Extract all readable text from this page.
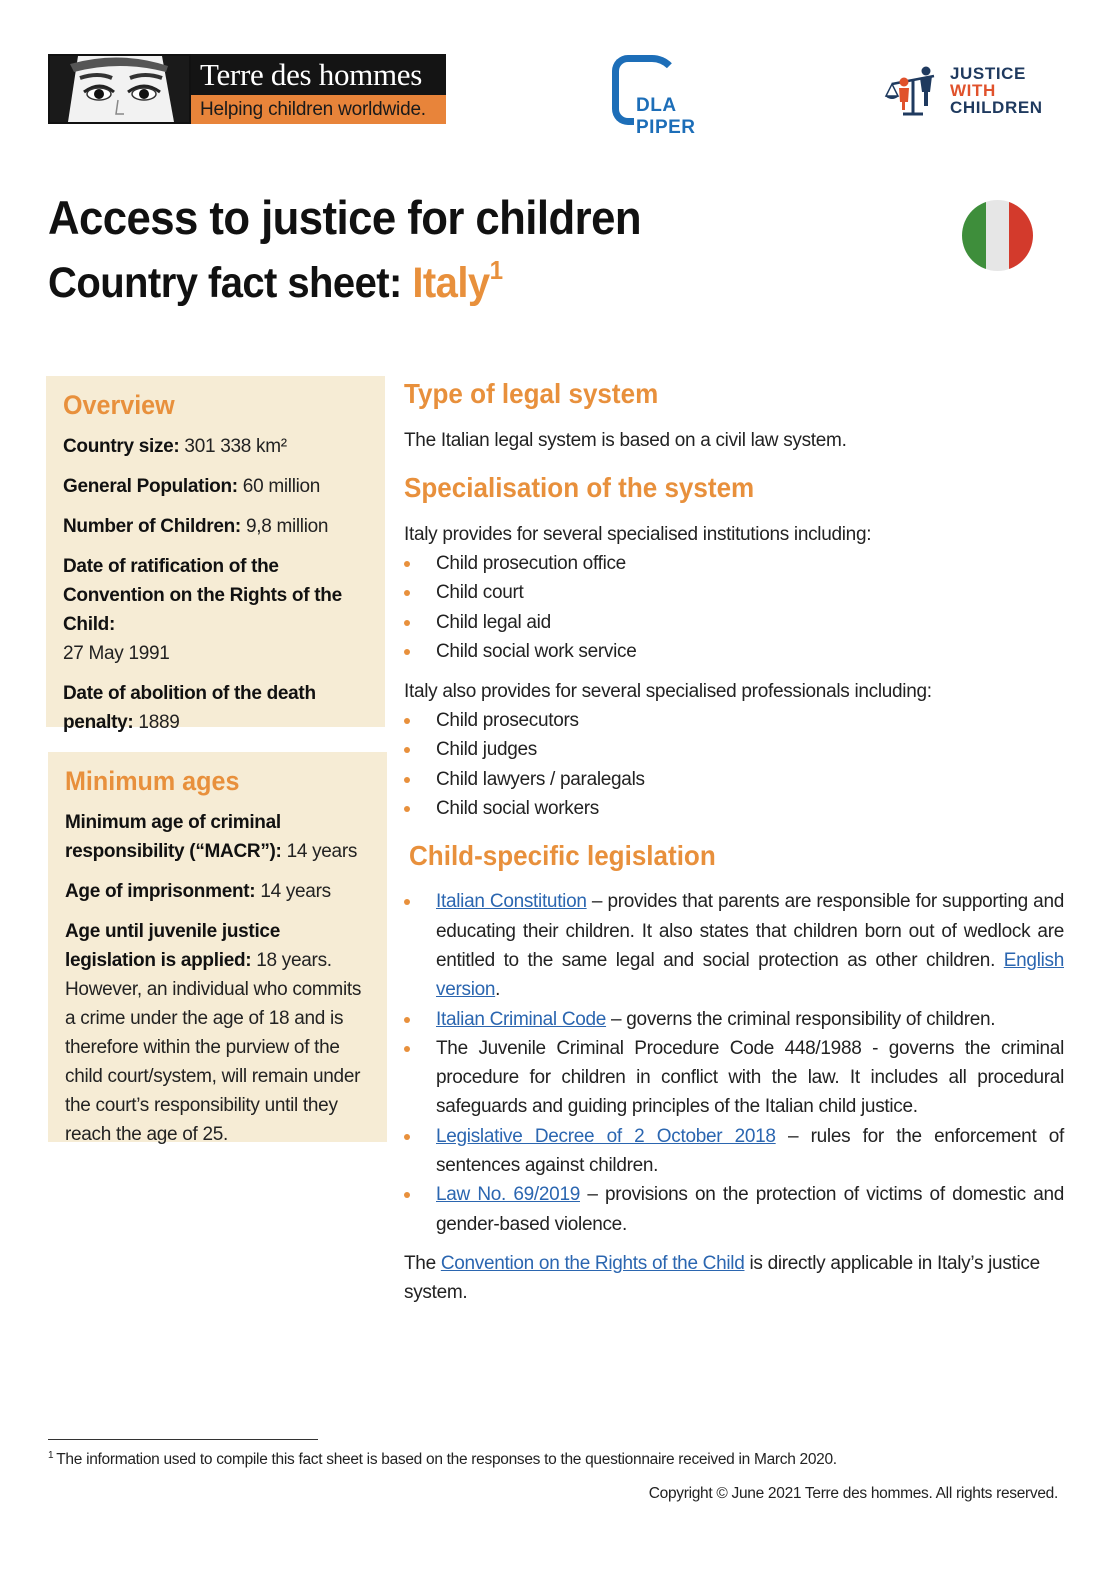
Terre des hommes
Helping children worldwide.	DLA PIPER
JUSTICE
WITH
CHILDREN
Access to justice for children
Country fact sheet: Italy$^1$
Overview
Country size: 301 338 km²
General Population: 60 million
Number of Children: 9,8 million
Date of ratification of the Convention on the Rights of the Child:
27 May 1991
Date of abolition of the death penalty: 1889
Minimum ages
Minimum age of criminal responsibility (“MACR”): 14 years
Age of imprisonment: 14 years
Age until juvenile justice legislation is applied: 18 years. However, an individual who commits a crime under the age of 18 and is therefore within the purview of the child court/system, will remain under the court’s responsibility until they reach the age of 25.
Type of legal system

The Italian legal system is based on a civil law system.

Specialisation of the system

Italy provides for several specialised institutions including:

Child prosecution office
Child court
Child legal aid
Child social work service

Italy also provides for several specialised professionals including:

Child prosecutors
Child judges
Child lawyers / paralegals
Child social workers
Child-specific legislation
Italian Constitution – provides that parents are responsible for supporting and educating their children. It also states that children born out of wedlock are entitled to the same legal and social protection as other children. English version.
Italian Criminal Code – governs the criminal responsibility of children.
The Juvenile Criminal Procedure Code 448/1988 - governs the criminal procedure for children in conflict with the law. It includes all procedural safeguards and guiding principles of the Italian child justice.
Legislative Decree of 2 October 2018 – rules for the enforcement of sentences against children.
Law No. 69/2019 – provisions on the protection of victims of domestic and gender-based violence.

The Convention on the Rights of the Child is directly applicable in Italy’s justice system.

$^1$ The information used to compile this fact sheet is based on the responses to the questionnaire received in March 2020.
Copyright © June 2021 Terre des hommes. All rights reserved.
